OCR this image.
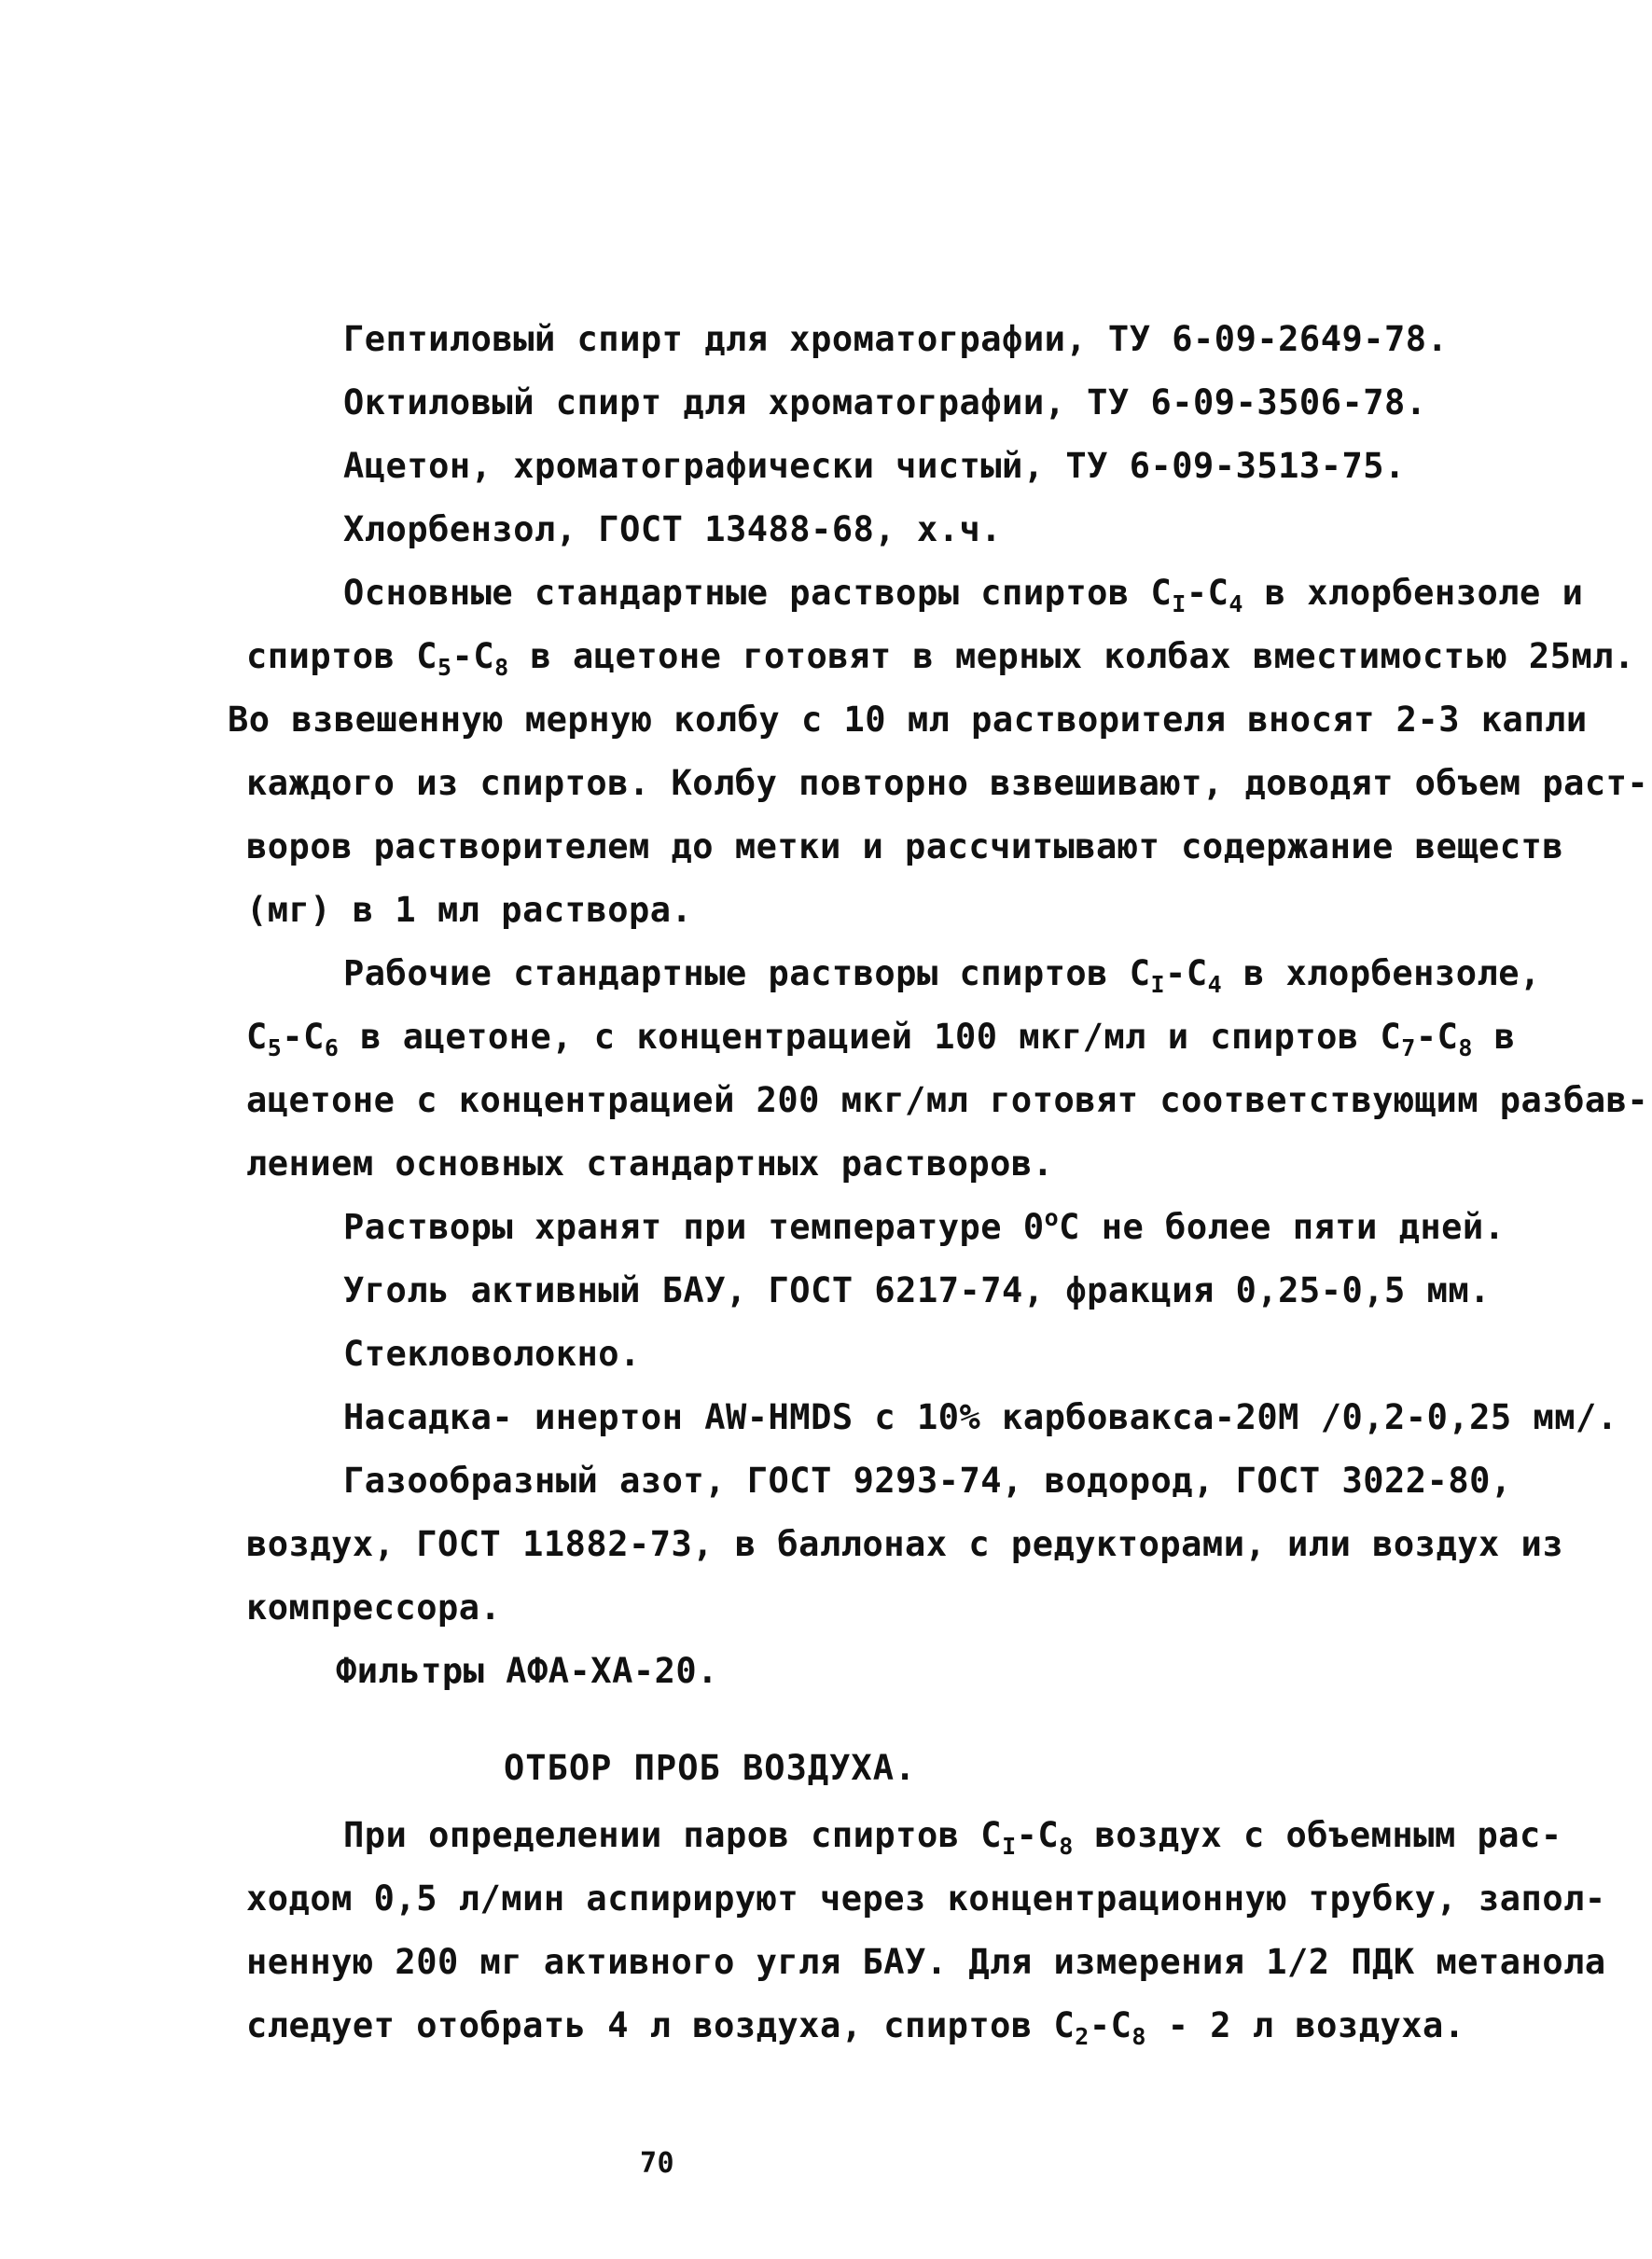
Гептиловый спирт для хроматографии, ТУ 6-09-2649-78.
Октиловый спирт для хроматографии, ТУ 6-09-3506-78.
Ацетон, хроматографически чистый, ТУ 6-09-3513-75.
Хлорбензол, ГОСТ 13488-68, х.ч.
Основные стандартные растворы спиртов $C_I-C_4$ в хлорбензоле и
спиртов $C_5-C_8$ в ацетоне готовят в мерных колбах вместимостью 25мл.
Во взвешенную мерную колбу с 10 мл растворителя вносят 2-3 капли
каждого из спиртов. Колбу повторно взвешивают, доводят объем раст-
воров растворителем до метки и рассчитывают содержание веществ
(мг) в 1 мл раствора.
Рабочие стандартные растворы спиртов $C_I-C_4$ в хлорбензоле,
$C_5-C_6$ в ацетоне, с концентрацией 100 мкг/мл и спиртов $C_7-C_8$ в
ацетоне с концентрацией 200 мкг/мл готовят соответствующим разбав-
лением основных стандартных растворов.
Растворы хранят при температуре 0$^o$C не более пяти дней.
Уголь активный БАУ, ГОСТ 6217-74, фракция 0,25-0,5 мм.
Стекловолокно.
Насадка- инертон AW-HMDS с 10% карбовакса-20М /0,2-0,25 мм/.
Газообразный азот, ГОСТ 9293-74, водород, ГОСТ 3022-80,
воздух, ГОСТ 11882-73, в баллонах с редукторами, или воздух из
компрессора.
Фильтры АФА-ХА-20.
ОТБОР ПРОБ ВОЗДУХА.
При определении паров спиртов $C_I-C_8$ воздух с объемным рас-
ходом 0,5 л/мин аспирируют через концентрационную трубку, запол-
ненную 200 мг активного угля БАУ. Для измерения 1/2 ПДК метанола
следует отобрать 4 л воздуха, спиртов $C_2-C_8 - 2$ л воздуха.
70
